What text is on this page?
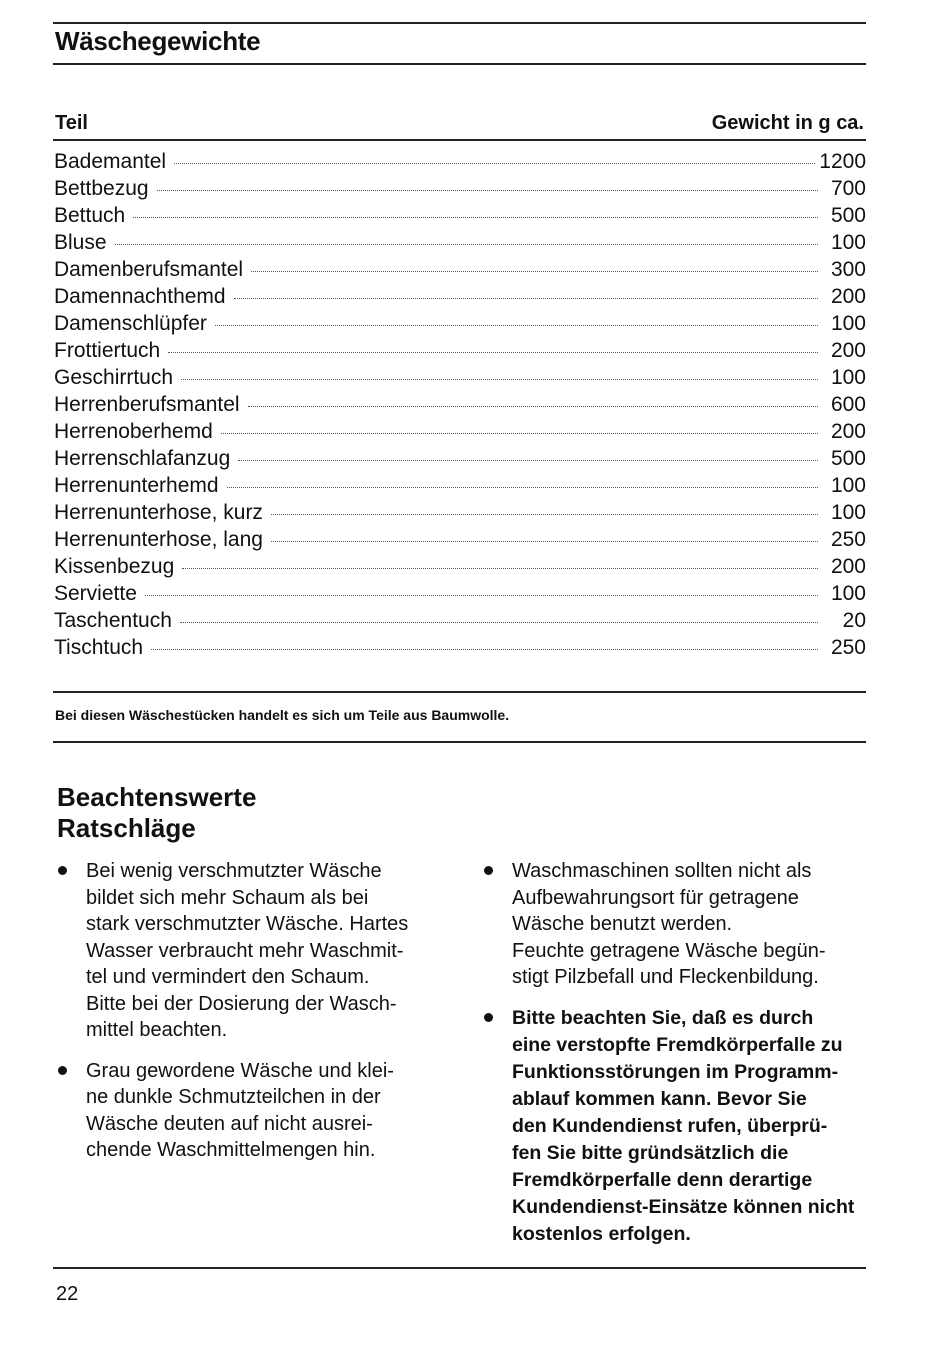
Wäschegewichte
Teil	Gewicht in g ca.
Bademantel	1200
Bettbezug	700
Bettuch	500
Bluse	100
Damenberufsmantel	300
Damennachthemd	200
Damenschlüpfer	100
Frottiertuch	200
Geschirrtuch	100
Herrenberufsmantel	600
Herrenoberhemd	200
Herrenschlafanzug	500
Herrenunterhemd	100
Herrenunterhose, kurz	100
Herrenunterhose, lang	250
Kissenbezug	200
Serviette	100
Taschentuch	20
Tischtuch	250
Bei diesen Wäschestücken handelt es sich um Teile aus Baumwolle.
Beachtenswerte
Ratschläge
Bei wenig verschmutzter Wäsche
bildet sich mehr Schaum als bei
stark verschmutzter Wäsche. Hartes
Wasser verbraucht mehr Waschmit-
tel und vermindert den Schaum.
Bitte bei der Dosierung der Wasch-
mittel beachten.
Grau gewordene Wäsche und klei-
ne dunkle Schmutzteilchen in der
Wäsche deuten auf nicht ausrei-
chende Waschmittelmengen hin.
Waschmaschinen sollten nicht als
Aufbewahrungsort für getragene
Wäsche benutzt werden.
Feuchte getragene Wäsche begün-
stigt Pilzbefall und Fleckenbildung.
Bitte beachten Sie, daß es durch
eine verstopfte Fremdkörperfalle zu
Funktionsstörungen im Programm-
ablauf kommen kann. Bevor Sie
den Kundendienst rufen, überprü-
fen Sie bitte gründsätzlich die
Fremdkörperfalle denn derartige
Kundendienst-Einsätze können nicht
kostenlos erfolgen.
22
